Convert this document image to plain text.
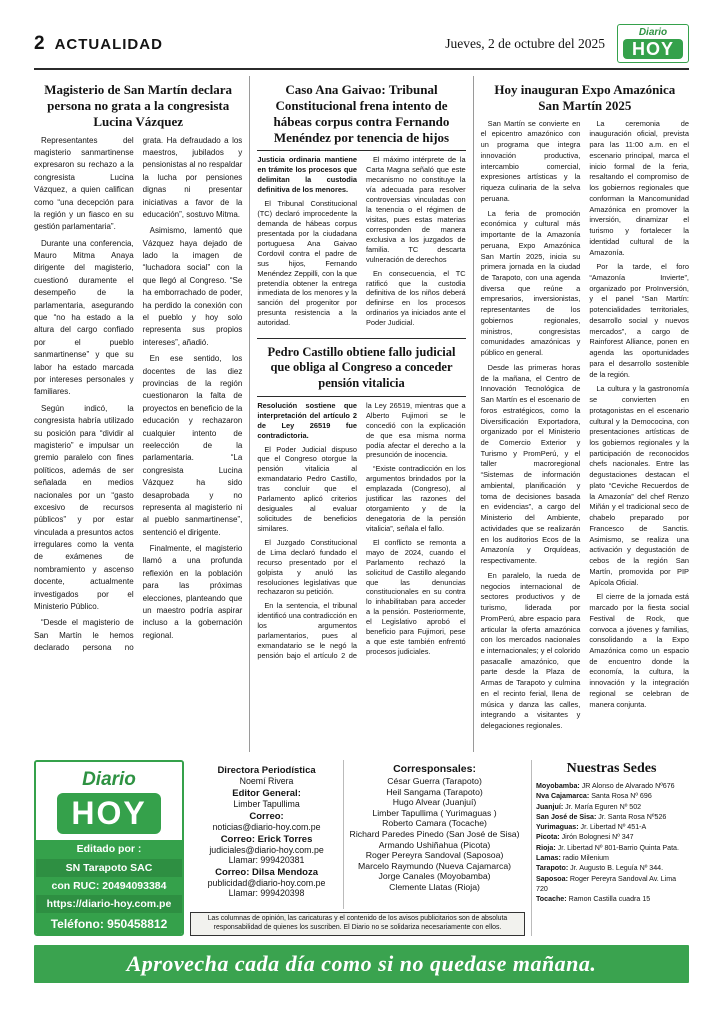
2 ACTUALIDAD	Jueves, 2 de octubre del 2025
Diario
HOY
Magisterio de San Martín declara persona no grata a la congresista Lucina Vázquez

Representantes del magisterio sanmartinense expresaron su rechazo a la congresista Lucina Vázquez, a quien califican como “una decepción para la región y un fiasco en su gestión parlamentaria”.

Durante una conferencia, Mauro Mitma Anaya dirigente del magisterio, cuestionó duramente el desempeño de la parlamentaria, asegurando que “no ha estado a la altura del cargo confiado por el pueblo sanmartinense” y que su labor ha estado marcada por intereses personales y familiares.

Según indicó, la congresista habría utilizado su posición para “dividir al magisterio” e impulsar un gremio paralelo con fines políticos, además de ser señalada en medios nacionales por un “gasto excesivo de recursos públicos” y por estar vinculada a presuntos actos irregulares como la venta de exámenes de nombramiento y ascenso docente, actualmente investigados por el Ministerio Público.

“Desde el magisterio de San Martín le hemos declarado persona no grata. Ha defraudado a los maestros, jubilados y pensionistas al no respaldar la lucha por pensiones dignas ni presentar iniciativas a favor de la educación”, sostuvo Mitma.

Asimismo, lamentó que Vázquez haya dejado de lado la imagen de “luchadora social” con la que llegó al Congreso. “Se ha emborrachado de poder, ha perdido la conexión con el pueblo y hoy solo representa sus propios intereses”, añadió.

En ese sentido, los docentes de las diez provincias de la región cuestionaron la falta de proyectos en beneficio de la educación y rechazaron cualquier intento de reelección de la parlamentaria. “La congresista Lucina Vázquez ha sido desaprobada y no representa al magisterio ni al pueblo sanmartinense”, sentenció el dirigente.

Finalmente, el magisterio llamó a una profunda reflexión en la población para las próximas elecciones, planteando que un maestro podría aspirar incluso a la gobernación regional.

Caso Ana Gaivao: Tribunal Constitucional frena intento de hábeas corpus contra Fernando Menéndez por tenencia de hijos

Justicia ordinaria mantiene en trámite los procesos que delimitan la custodia definitiva de los menores.

El Tribunal Constitucional (TC) declaró improcedente la demanda de hábeas corpus presentada por la ciudadana portuguesa Ana Gaivao Cordovil contra el padre de sus hijos, Fernando Menéndez Zeppilli, con la que pretendía obtener la entrega inmediata de los menores y la sanción del progenitor por presunta resistencia a la autoridad.

El máximo intérprete de la Carta Magna señaló que este mecanismo no constituye la vía adecuada para resolver controversias vinculadas con la tenencia o el régimen de visitas, pues estas materias corresponden de manera exclusiva a los juzgados de familia. TC descarta vulneración de derechos

En consecuencia, el TC ratificó que la custodia definitiva de los niños deberá definirse en los procesos ordinarios ya iniciados ante el Poder Judicial.

Pedro Castillo obtiene fallo judicial que obliga al Congreso a conceder pensión vitalicia

Resolución sostiene que interpretación del artículo 2 de Ley 26519 fue contradictoria.

El Poder Judicial dispuso que el Congreso otorgue la pensión vitalicia al exmandatario Pedro Castillo, tras concluir que el Parlamento aplicó criterios desiguales al evaluar solicitudes de beneficios similares.

El Juzgado Constitucional de Lima declaró fundado el recurso presentado por el golpista y anuló las resoluciones legislativas que rechazaron su petición.

En la sentencia, el tribunal identificó una contradicción en los argumentos parlamentarios, pues al exmandatario se le negó la pensión bajo el artículo 2 de la Ley 26519, mientras que a Alberto Fujimori se le concedió con la explicación de que esa misma norma podía afectar el derecho a la presunción de inocencia.

“Existe contradicción en los argumentos brindados por la emplazada (Congreso), al justificar las razones del otorgamiento y de la denegatoria de la pensión vitalicia”, señala el fallo.

El conflicto se remonta a mayo de 2024, cuando el Parlamento rechazó la solicitud de Castillo alegando que las denuncias constitucionales en su contra lo inhabilitaban para acceder a la pensión. Posteriormente, el Legislativo aprobó el beneficio para Fujimori, pese a que este también enfrentó procesos judiciales.

Hoy inauguran Expo Amazónica San Martín 2025

San Martín se convierte en el epicentro amazónico con un programa que integra innovación productiva, intercambio comercial, expresiones artísticas y la riqueza culinaria de la selva peruana.

La feria de promoción económica y cultural más importante de la Amazonía peruana, Expo Amazónica San Martín 2025, inicia su primera jornada en la ciudad de Tarapoto, con una agenda diversa que reúne a empresarios, inversionistas, representantes de los gobiernos regionales, ministros, congresistas comunidades amazónicas y público en general.

Desde las primeras horas de la mañana, el Centro de Innovación Tecnológica de San Martín es el escenario de foros estratégicos, como la Diversificación Exportadora, organizado por el Ministerio de Comercio Exterior y Turismo y PromPerú, y el taller macroregional “Sistemas de información ambiental, planificación y toma de decisiones basada en evidencias”, a cargo del Ministerio del Ambiente, actividades que se realizarán en los auditorios Ecos de la Amazonía y Orquídeas, respectivamente.

En paralelo, la rueda de negocios internacional de sectores productivos y de turismo, liderada por PromPerú, abre espacio para articular la oferta amazónica con los mercados nacionales e internacionales; y el colorido pasacalle amazónico, que parte desde la Plaza de Armas de Tarapoto y culmina en el recinto ferial, llena de música y danza las calles, integrando a visitantes y delegaciones regionales.

La ceremonia de inauguración oficial, prevista para las 11:00 a.m. en el escenario principal, marca el inicio formal de la feria, resaltando el compromiso de los gobiernos regionales que conforman la Mancomunidad Amazónica en promover la inversión, dinamizar el turismo y fortalecer la identidad cultural de la Amazonía.

Por la tarde, el foro “Amazonía Invierte”, organizado por ProInversión, y el panel “San Martín: potencialidades territoriales, desarrollo social y nuevos mercados”, a cargo de Rainforest Alliance, ponen en agenda las oportunidades para el desarrollo sostenible de la región.

La cultura y la gastronomía se convierten en protagonistas en el escenario cultural y la Demococina, con presentaciones artísticas de los gobiernos regionales y la participación de reconocidos chefs nacionales. Entre las degustaciones destacan el plato “Ceviche Recuerdos de la Amazonía” del chef Renzo Miñán y el tradicional seco de chabelo preparado por Francesco de Sanctis. Asimismo, se realiza una activación y degustación de cebos de la región San Martín, promovida por PIP Apícola Oficial.

El cierre de la jornada está marcado por la fiesta social Festival de Rock, que convoca a jóvenes y familias, consolidando a la Expo Amazónica como un espacio de encuentro donde la economía, la cultura, la innovación y la integración regional se celebran de manera conjunta.

Diario
HOY
Editado por :
SN Tarapoto SAC
con RUC: 20494093384
https://diario-hoy.com.pe
Teléfono: 950458812
Directora Periodística
Noemí Rivera
Editor General:
Limber Tapullima
Correo:
noticias@diario-hoy.com.pe
Correo: Erick Torres
judiciales@diario-hoy.com.pe
Llamar: 999420381
Correo: Dilsa Mendoza
publicidad@diario-hoy.com.pe
Llamar: 999420398
Corresponsales:

César Guerra (Tarapoto)

Heil Sangama (Tarapoto)

Hugo Alvear (Juanjuí)

Limber Tapullima ( Yurimaguas )

Roberto Camara (Tocache)

Richard Paredes Pinedo (San José de Sisa)

Armando Ushiñahua (Picota)

Roger Pereyra Sandoval (Saposoa)

Marcelo Raymundo (Nueva Cajamarca)

Jorge Canales (Moyobamba)

Clemente Llatas (Rioja)

Las columnas de opinión, las caricaturas y el contenido de los avisos publicitarios son de absoluta responsabilidad de quienes los suscriben. El Diario no se solidariza necesariamente con ellos.
Nuestras Sedes
Moyobamba: JR Alonso de Alvarado Nº676
Nva Cajamarca: Santa Rosa Nº 696
Juanjuí: Jr. María Eguren Nº 502
San José de Sisa: Jr. Santa Rosa Nº526
Yurimaguas: Jr. Libertad Nº 451-A
Picota: Jirón Bolognesi Nº 347
Rioja: Jr. Libertad Nº 801-Barrio Quinta Pata.
Lamas: radio Milenium
Tarapoto: Jr. Augusto B. Leguía Nº 344.
Saposoa: Roger Pereyra Sandoval Av. Lima 720
Tocache: Ramon Castilla cuadra 15
Aprovecha cada día como si no quedase mañana.
